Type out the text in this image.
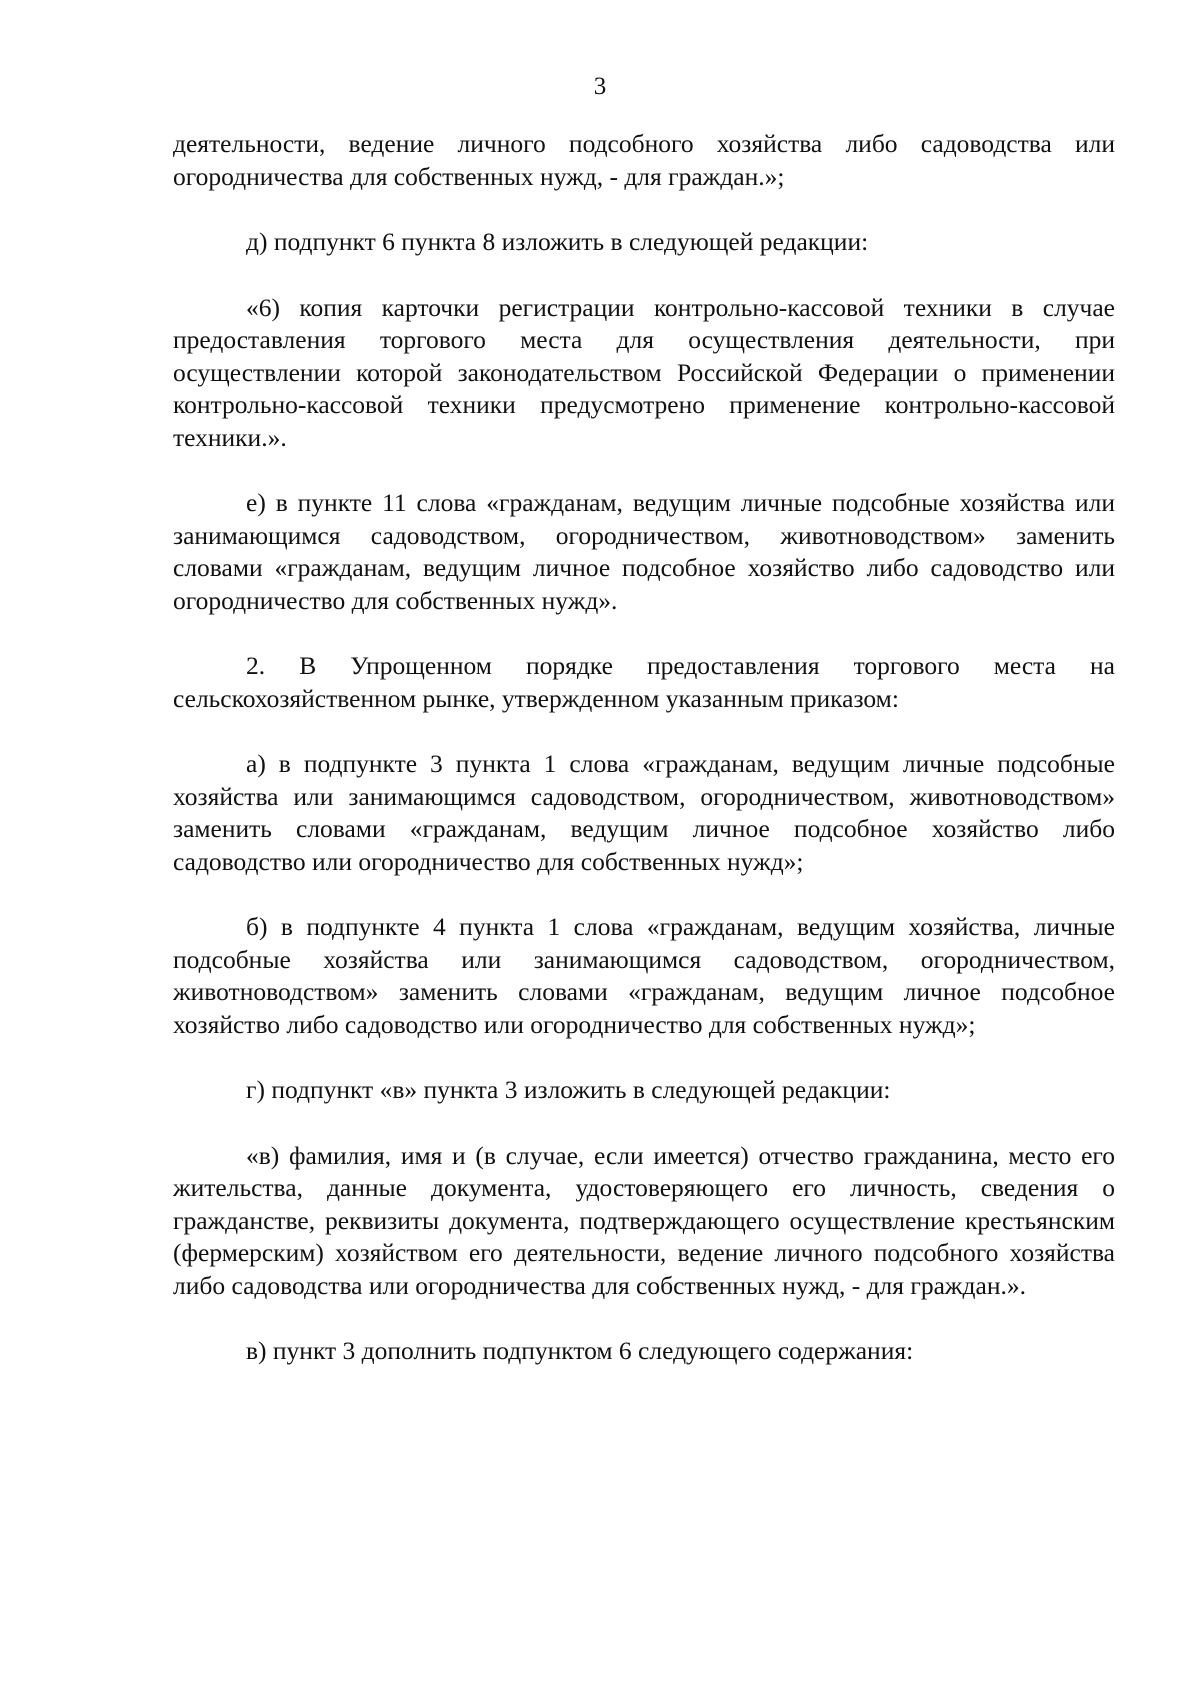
3

деятельности, ведение личного подсобного хозяйства либо садоводства или огородничества для собственных нужд, - для граждан.»;

д) подпункт 6 пункта 8 изложить в следующей редакции:

«6) копия карточки регистрации контрольно-кассовой техники в случае предоставления торгового места для осуществления деятельности, при осуществлении которой законодательством Российской Федерации о применении контрольно-кассовой техники предусмотрено применение контрольно-кассовой техники.».

е) в пункте 11 слова «гражданам, ведущим личные подсобные хозяйства или занимающимся садоводством, огородничеством, животноводством» заменить словами «гражданам, ведущим личное подсобное хозяйство либо садоводство или огородничество для собственных нужд».

2. В Упрощенном порядке предоставления торгового места на сельскохозяйственном рынке, утвержденном указанным приказом:

а) в подпункте 3 пункта 1 слова «гражданам, ведущим личные подсобные хозяйства или занимающимся садоводством, огородничеством, животноводством» заменить словами «гражданам, ведущим личное подсобное хозяйство либо садоводство или огородничество для собственных нужд»;

б) в подпункте 4 пункта 1 слова «гражданам, ведущим хозяйства, личные подсобные хозяйства или занимающимся садоводством, огородничеством, животноводством» заменить словами «гражданам, ведущим личное подсобное хозяйство либо садоводство или огородничество для собственных нужд»;

г) подпункт «в» пункта 3 изложить в следующей редакции:

«в) фамилия, имя и (в случае, если имеется) отчество гражданина, место его жительства, данные документа, удостоверяющего его личность, сведения о гражданстве, реквизиты документа, подтверждающего осуществление крестьянским (фермерским) хозяйством его деятельности, ведение личного подсобного хозяйства либо садоводства или огородничества для собственных нужд, - для граждан.».

в) пункт 3 дополнить подпунктом 6 следующего содержания:
